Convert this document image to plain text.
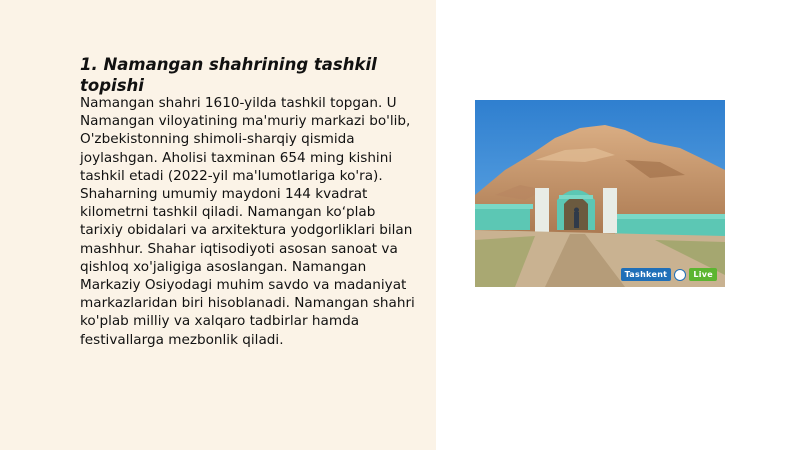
1. Namangan shahrining tashkil topishi

Namangan shahri 1610-yilda tashkil topgan. U Namangan viloyatining ma'muriy markazi bo'lib, O'zbekistonning shimoli-sharqiy qismida joylashgan. Aholisi taxminan 654 ming kishini tashkil etadi (2022-yil ma'lumotlariga ko'ra). Shaharning umumiy maydoni 144 kvadrat kilometrni tashkil qiladi. Namangan koʻplab tarixiy obidalari va arxitektura yodgorliklari bilan mashhur. Shahar iqtisodiyoti asosan sanoat va qishloq xo'jaligiga asoslangan. Namangan Markaziy Osiyodagi muhim savdo va madaniyat markazlaridan biri hisoblanadi. Namangan shahri ko'plab milliy va xalqaro tadbirlar hamda festivallarga mezbonlik qiladi.

Tashkent	Live
